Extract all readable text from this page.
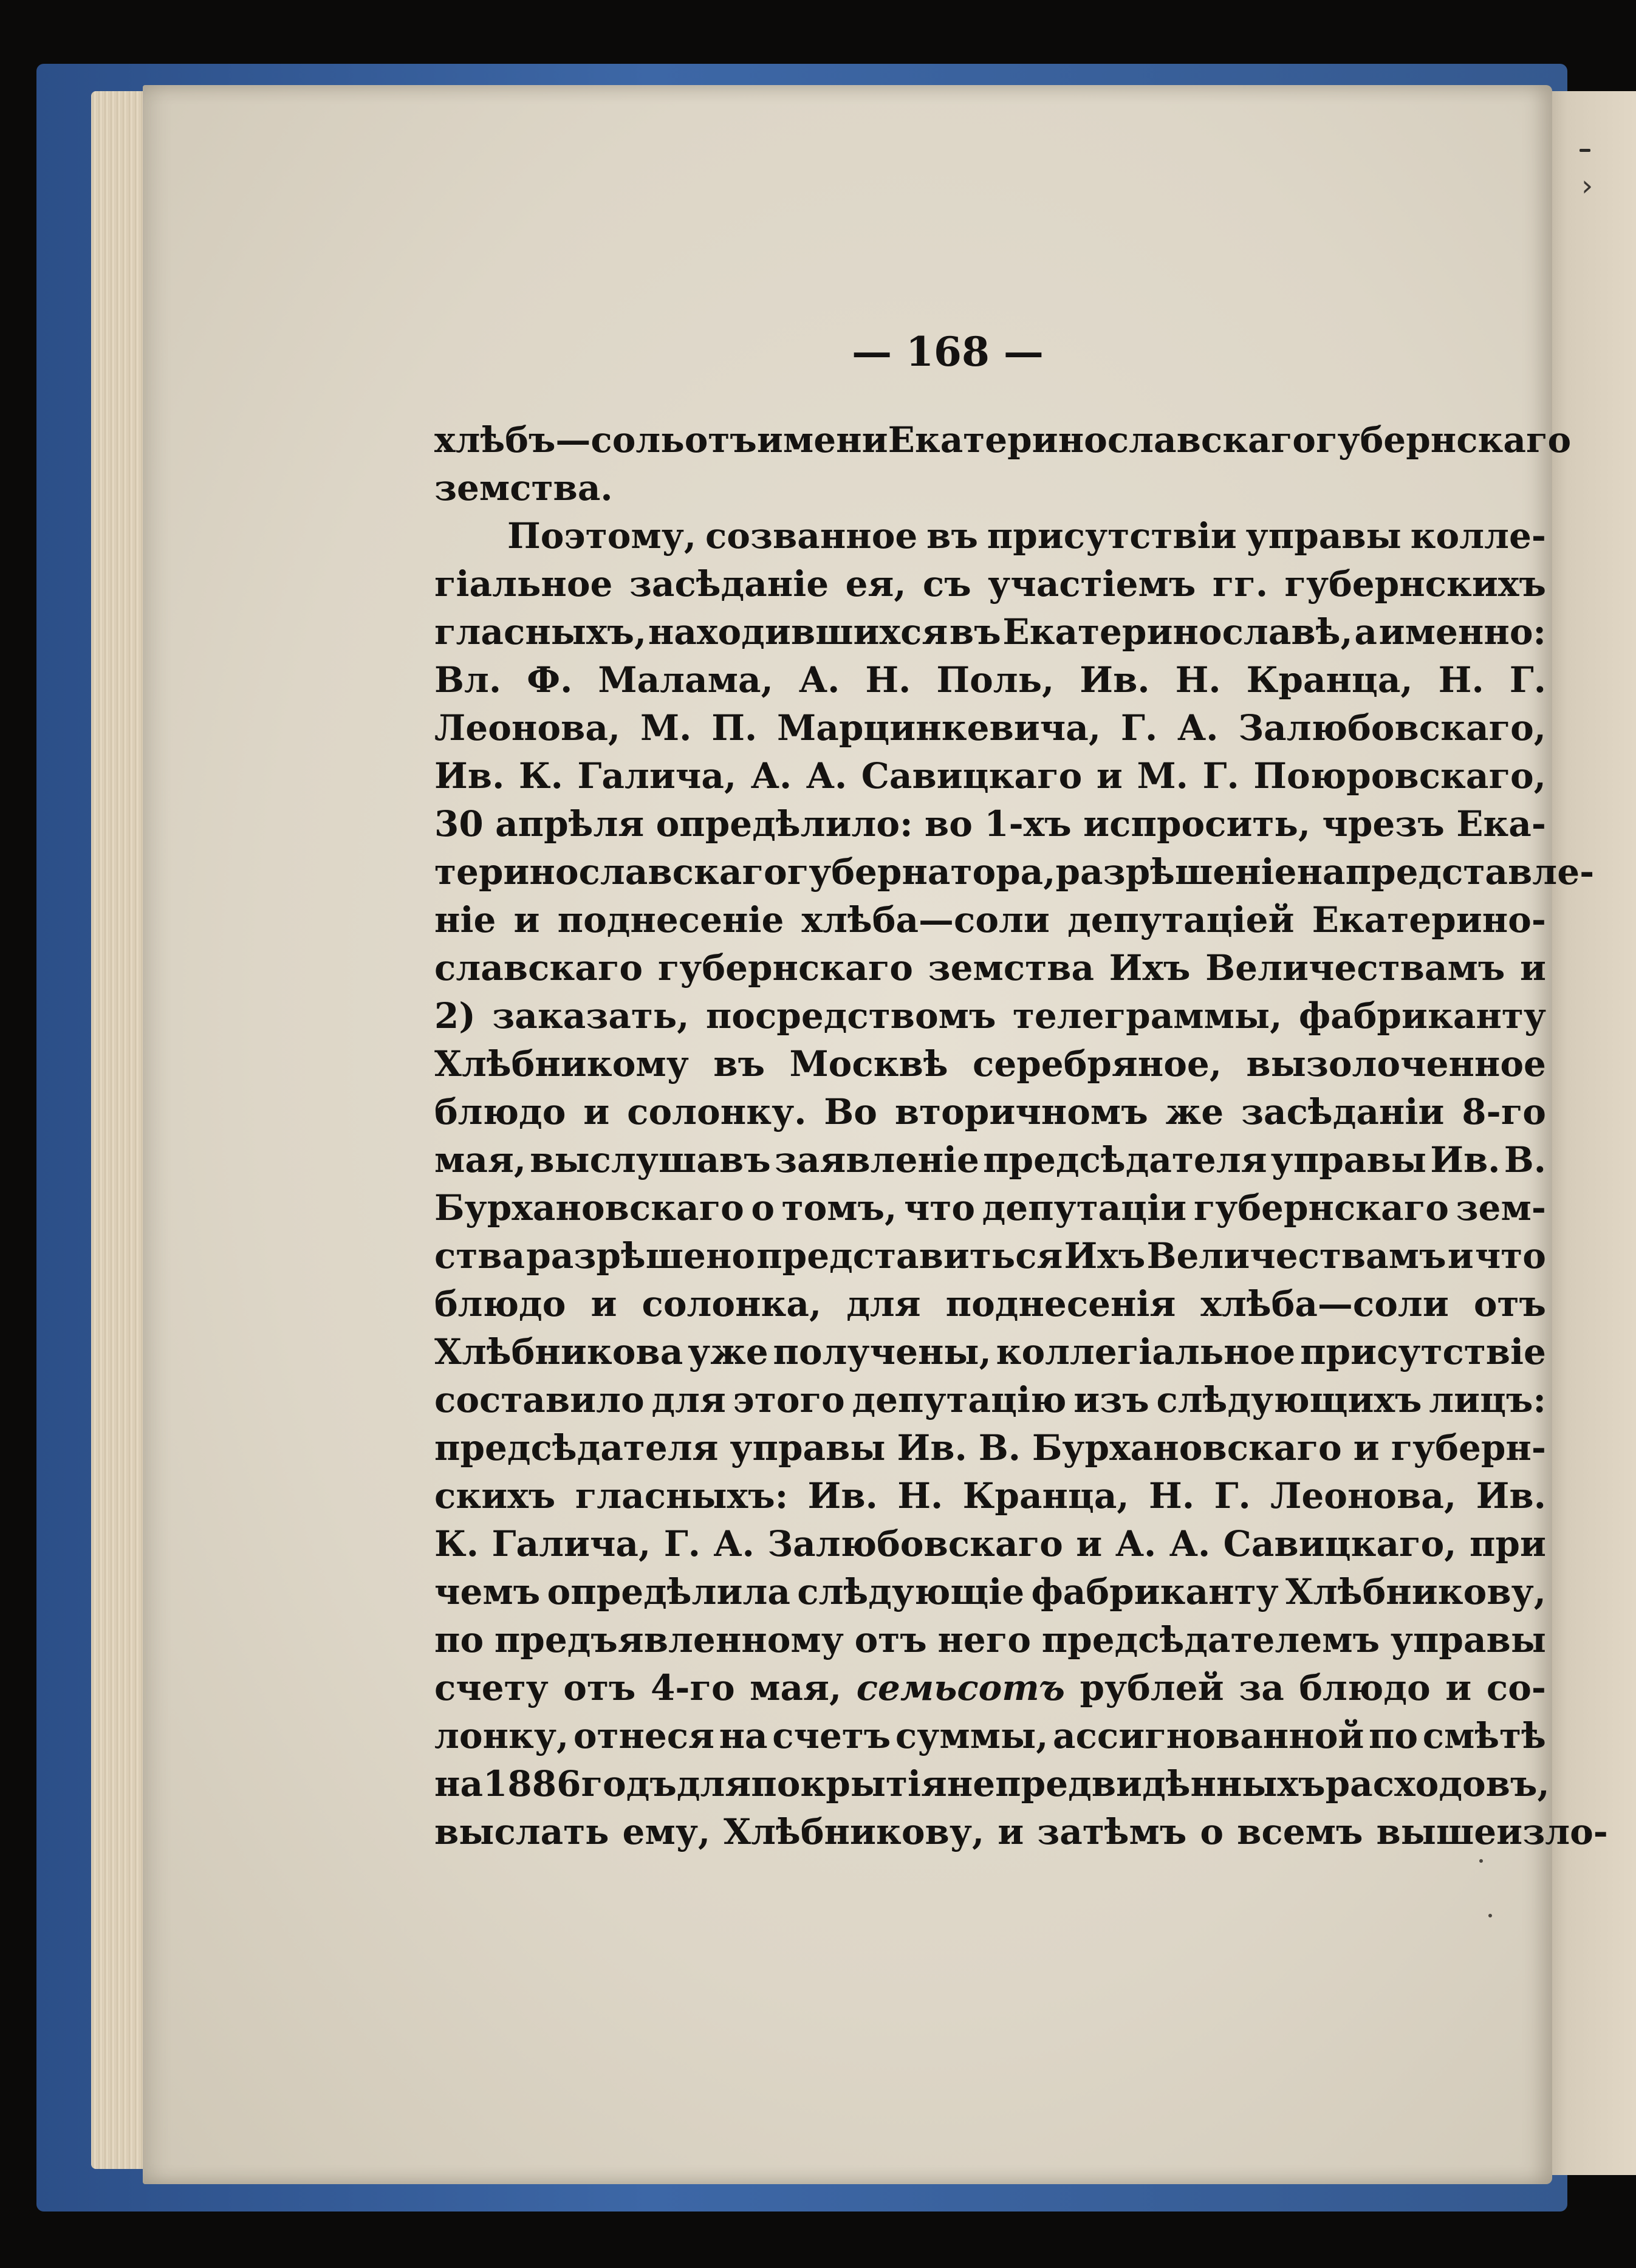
— 168 —
›
хлѣбъ—соль отъ имени Екатеринославскаго губернскаго
земства.
Поэтому, созванное въ присутствіи управы колле-
гіальное засѣданіе ея, съ участіемъ гг. губернскихъ
гласныхъ, находившихся въ Екатеринославѣ, а именно:
Вл. Ф. Малама, А. Н. Поль, Ив. Н. Кранца, Н. Г.
Леонова, М. П. Марцинкевича, Г. А. Залюбовскаго,
Ив. К. Галича, А. А. Савицкаго и М. Г. Поюровскаго,
30 апрѣля опредѣлило: во 1-хъ испросить, чрезъ Ека-
теринославскаго губернатора, разрѣшеніе на представле-
ніе и поднесеніе хлѣба—соли депутаціей Екатерино-
славскаго губернскаго земства Ихъ Величествамъ и
2) заказать, посредствомъ телеграммы, фабриканту
Хлѣбникому въ Москвѣ серебряное, вызолоченное
блюдо и солонку. Во вторичномъ же засѣданіи 8-го
мая, выслушавъ заявленіе предсѣдателя управы Ив. В.
Бурхановскаго о томъ, что депутаціи губернскаго зем-
ства разрѣшено представиться Ихъ Величествамъ и что
блюдо и солонка, для поднесенія хлѣба—соли отъ
Хлѣбникова уже получены, коллегіальное присутствіе
составило для этого депутацію изъ слѣдующихъ лицъ:
предсѣдателя управы Ив. В. Бурхановскаго и губерн-
скихъ гласныхъ: Ив. Н. Кранца, Н. Г. Леонова, Ив.
К. Галича, Г. А. Залюбовскаго и А. А. Савицкаго, при
чемъ опредѣлила слѣдующіе фабриканту Хлѣбникову,
по предъявленному отъ него предсѣдателемъ управы
счету отъ 4-го мая, семьсотъ рублей за блюдо и со-
лонку, отнеся на счетъ суммы, ассигнованной по смѣтѣ
на 1886 годъ для покрытія непредвидѣнныхъ расходовъ,
выслать ему, Хлѣбникову, и затѣмъ о всемъ вышеизло-
